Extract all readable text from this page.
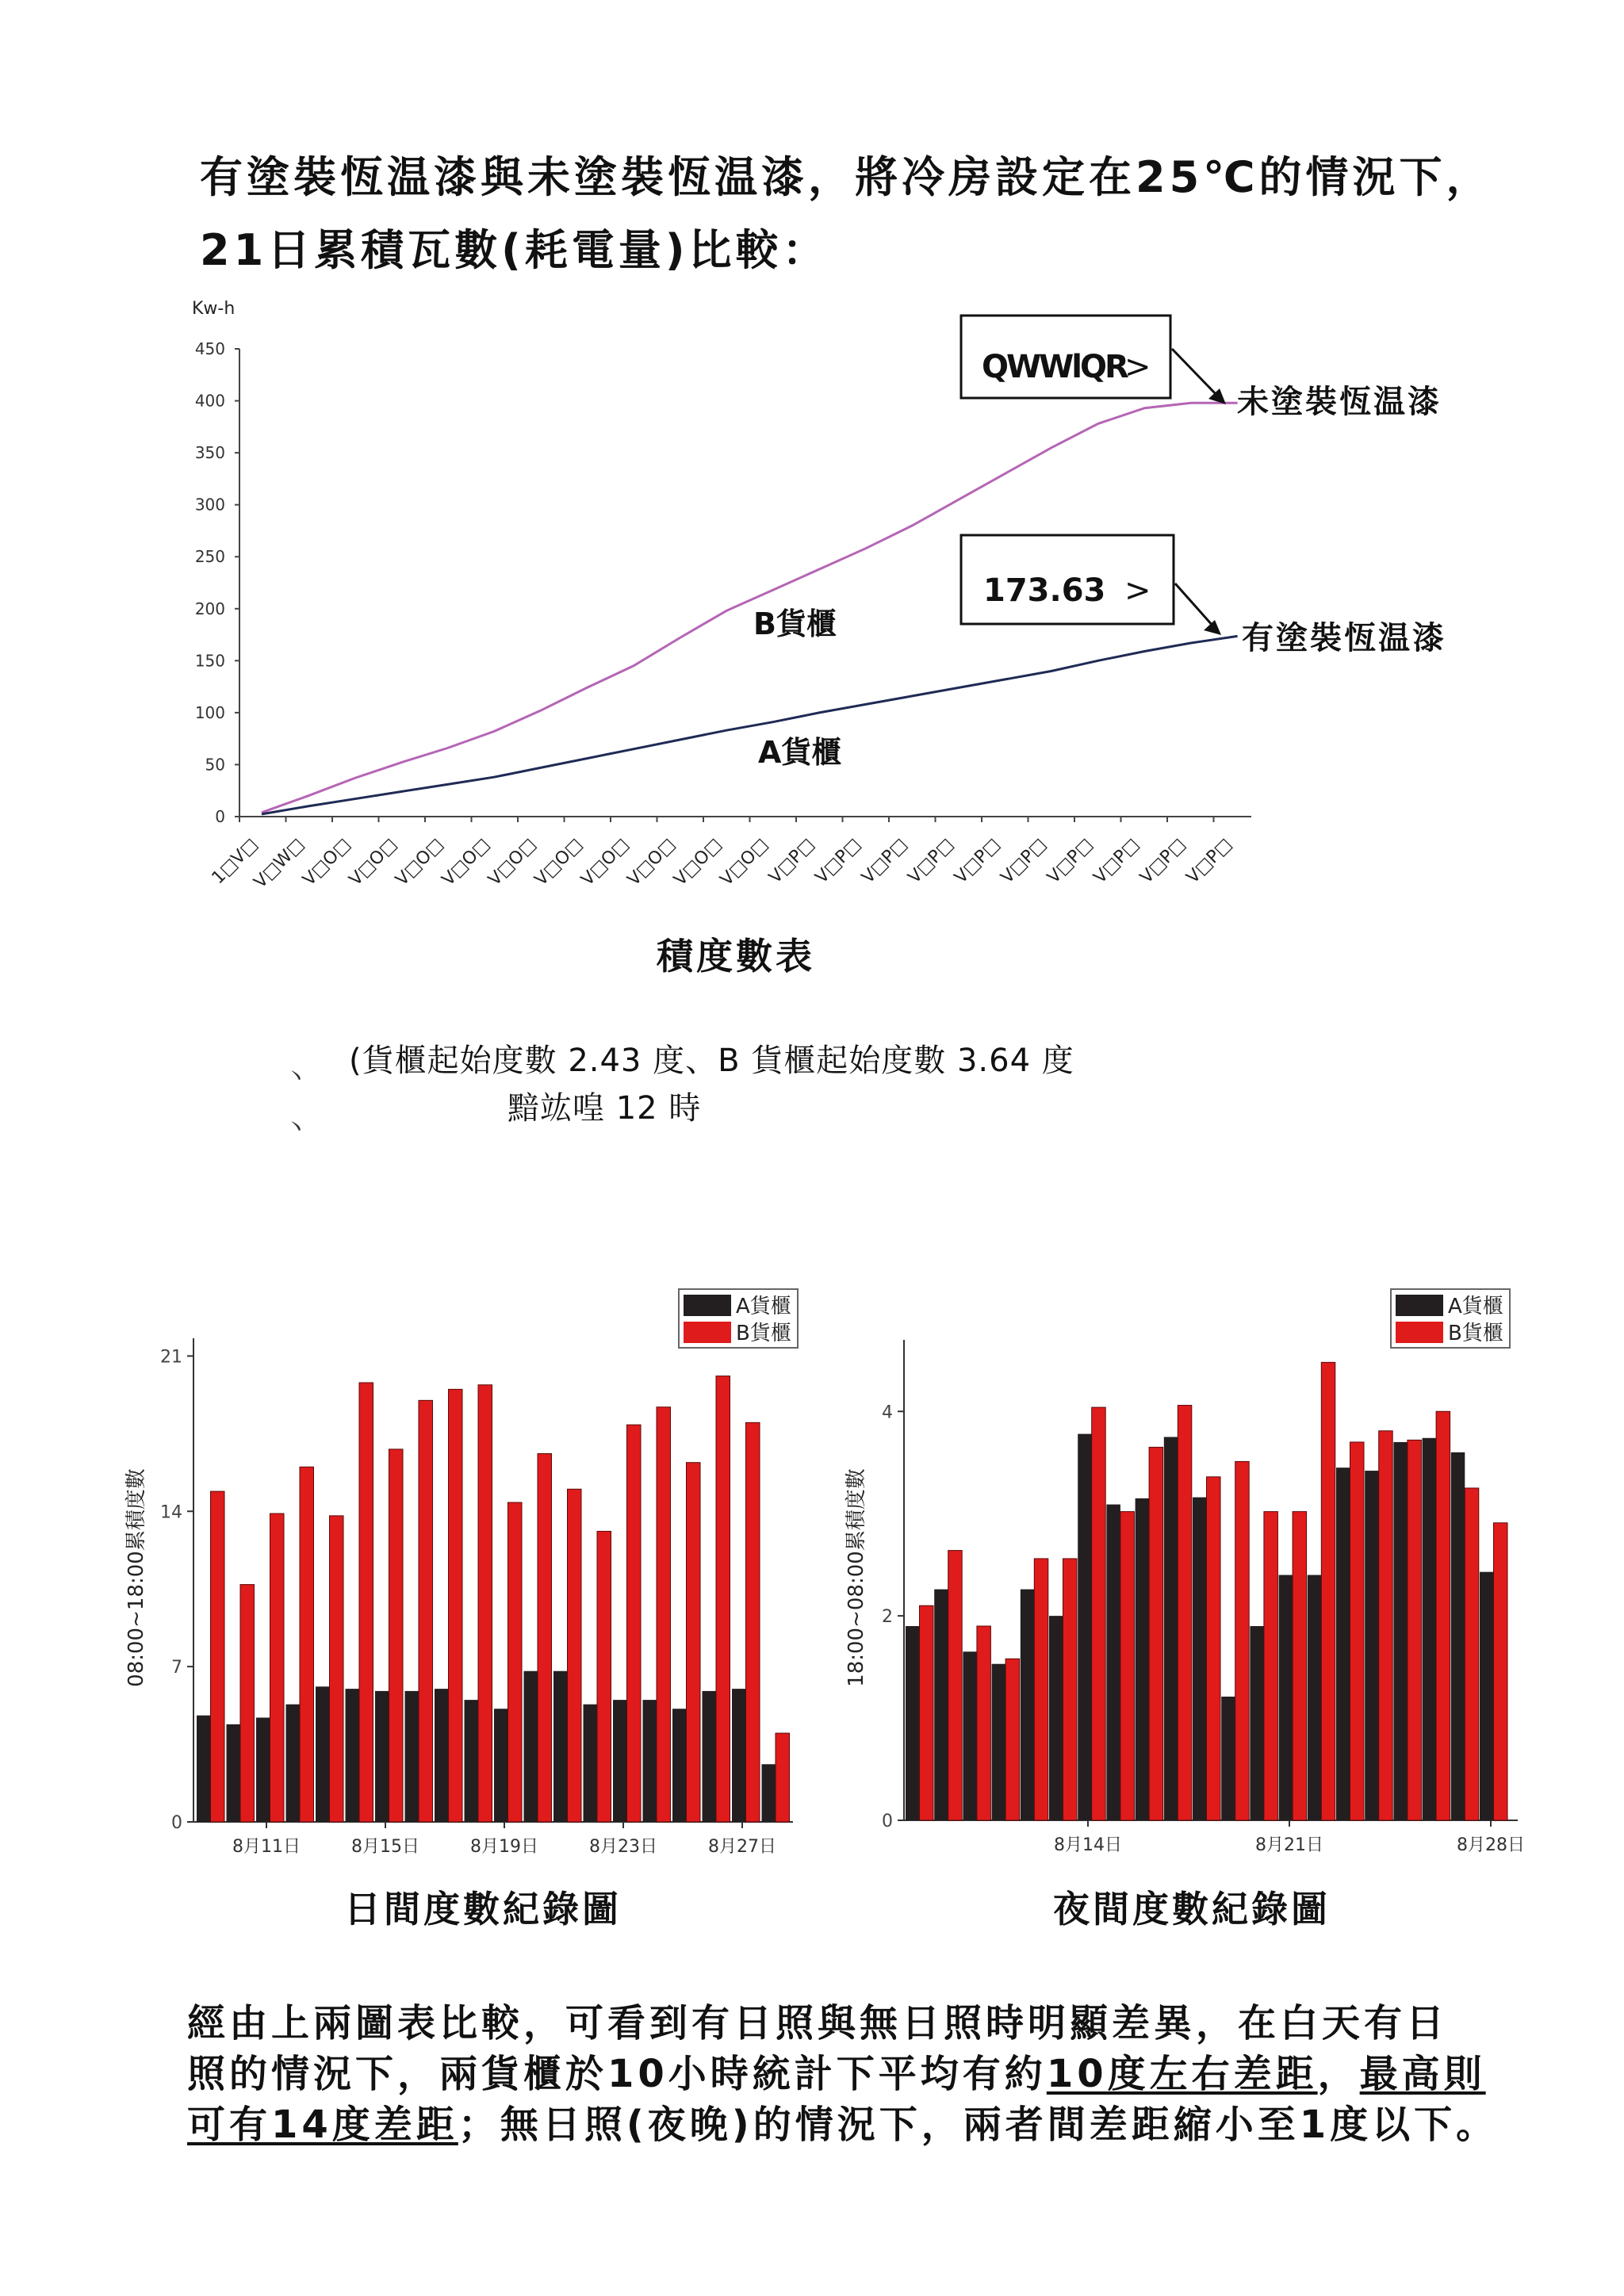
有塗裝恆温漆與未塗裝恆温漆，將冷房設定在25℃的情況下，
21日累積瓦數(耗電量)比較：
Kw-h
0
50
100
150
200
250
300
350
400
450
1□V□
V□W□
V□O□
V□O□
V□O□
V□O□
V□O□
V□O□
V□O□
V□O□
V□O□
V□O□
V□P□
V□P□
V□P□
V□P□
V□P□
V□P□
V□P□
V□P□
V□P□
V□P□
QWWlQR
>
173.63 >
未塗裝恆温漆
有塗裝恆温漆
B貨櫃
A貨櫃
積度數表
丶
丶
(貨櫃起始度數 2.43 度、B 貨櫃起始度數 3.64 度
黯竑喤 12 時
08:00~18:00累積度數
0
7
14
21
8月11日	8月15日	8月19日	8月23日	8月27日
A貨櫃
B貨櫃
日間度數紀錄圖
18:00~08:00累積度數
0
2
4
8月14日	8月21日	8月28日
A貨櫃
B貨櫃
夜間度數紀錄圖
經由上兩圖表比較，可看到有日照與無日照時明顯差異，在白天有日
照的情況下，兩貨櫃於10小時統計下平均有約10度左右差距，最高則
可有14度差距；無日照(夜晚)的情況下，兩者間差距縮小至1度以下。
